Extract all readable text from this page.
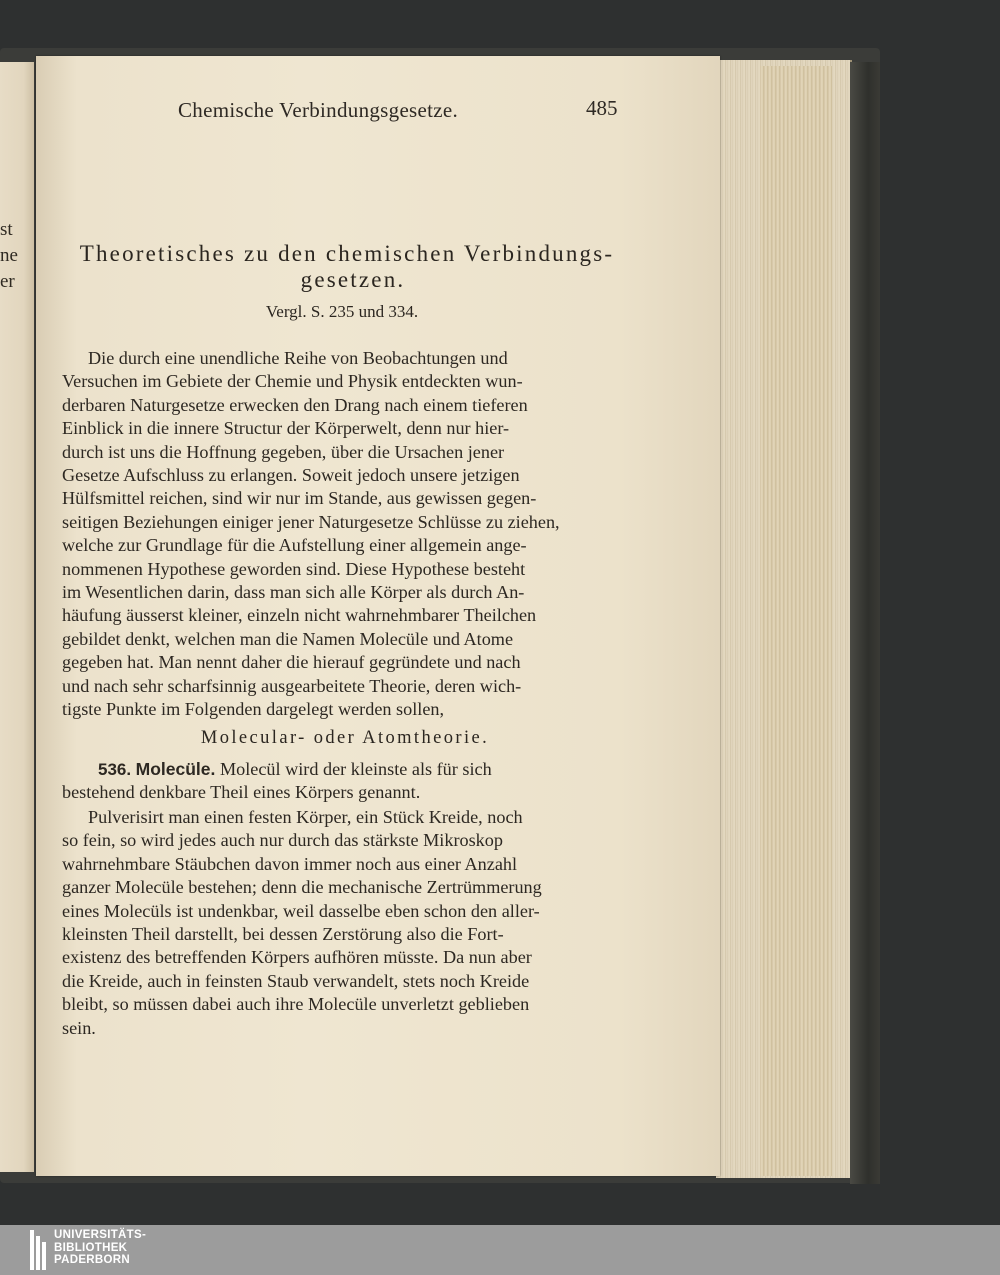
st
ne
er
Chemische Verbindungsgesetze.	485
Theoretisches zu den chemischen Verbindungs-
gesetzen.
Vergl. S. 235 und 334.
Die durch eine unendliche Reihe von Beobachtungen und
Versuchen im Gebiete der Chemie und Physik entdeckten wun-
derbaren Naturgesetze erwecken den Drang nach einem tieferen
Einblick in die innere Structur der Körperwelt, denn nur hier-
durch ist uns die Hoffnung gegeben, über die Ursachen jener
Gesetze Aufschluss zu erlangen. Soweit jedoch unsere jetzigen
Hülfsmittel reichen, sind wir nur im Stande, aus gewissen gegen-
seitigen Beziehungen einiger jener Naturgesetze Schlüsse zu ziehen,
welche zur Grundlage für die Aufstellung einer allgemein ange-
nommenen Hypothese geworden sind. Diese Hypothese besteht
im Wesentlichen darin, dass man sich alle Körper als durch An-
häufung äusserst kleiner, einzeln nicht wahrnehmbarer Theilchen
gebildet denkt, welchen man die Namen Molecüle und Atome
gegeben hat. Man nennt daher die hierauf gegründete und nach
und nach sehr scharfsinnig ausgearbeitete Theorie, deren wich-
tigste Punkte im Folgenden dargelegt werden sollen,
Molecular- oder Atomtheorie.
536. Molecüle. Molecül wird der kleinste als für sich
bestehend denkbare Theil eines Körpers genannt.
Pulverisirt man einen festen Körper, ein Stück Kreide, noch
so fein, so wird jedes auch nur durch das stärkste Mikroskop
wahrnehmbare Stäubchen davon immer noch aus einer Anzahl
ganzer Molecüle bestehen; denn die mechanische Zertrümmerung
eines Molecüls ist undenkbar, weil dasselbe eben schon den aller-
kleinsten Theil darstellt, bei dessen Zerstörung also die Fort-
existenz des betreffenden Körpers aufhören müsste. Da nun aber
die Kreide, auch in feinsten Staub verwandelt, stets noch Kreide
bleibt, so müssen dabei auch ihre Molecüle unverletzt geblieben
sein.
UNIVERSITÄTS-
BIBLIOTHEK
PADERBORN
